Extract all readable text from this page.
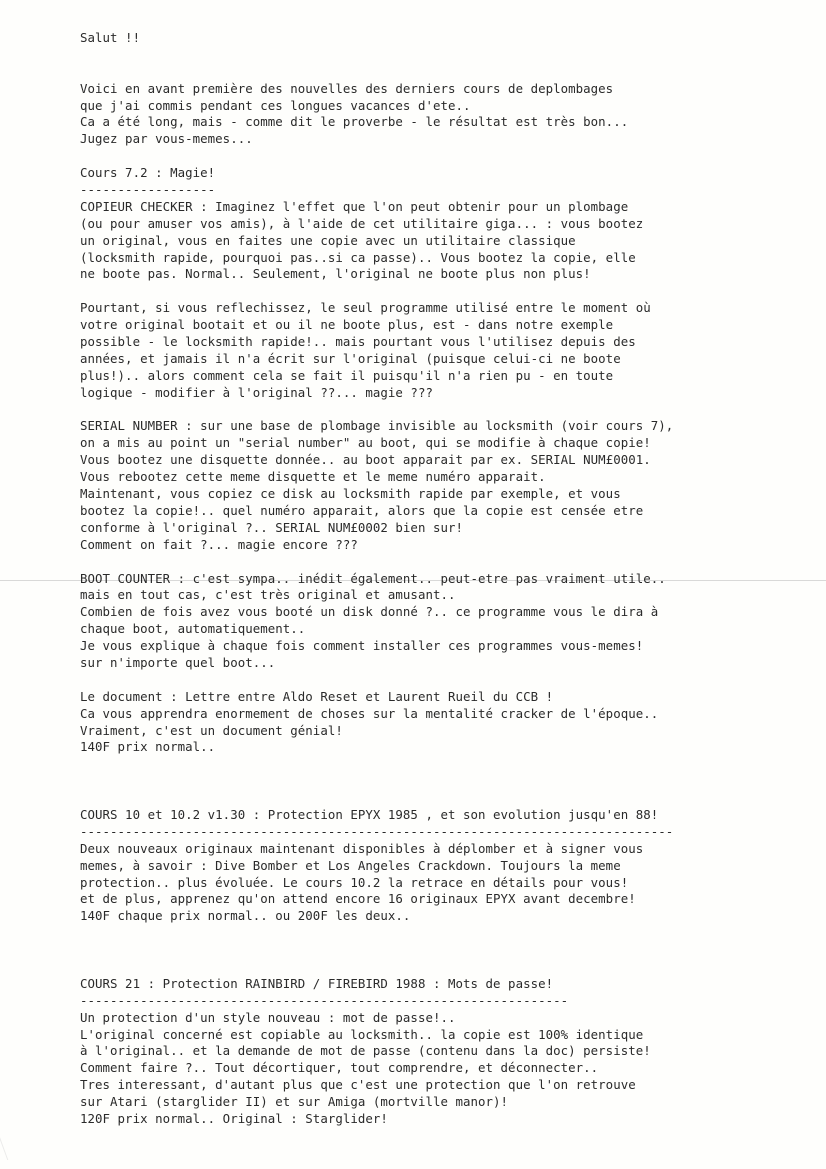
Salut !!
Voici en avant première des nouvelles des derniers cours de deplombages
que j'ai commis pendant ces longues vacances d'ete..
Ca a été long, mais - comme dit le proverbe - le résultat est très bon...
Jugez par vous-memes...
Cours 7.2 : Magie!
------------------
COPIEUR CHECKER : Imaginez l'effet que l'on peut obtenir pour un plombage
(ou pour amuser vos amis), à l'aide de cet utilitaire giga... : vous bootez
un original, vous en faites une copie avec un utilitaire classique
(locksmith rapide, pourquoi pas..si ca passe).. Vous bootez la copie, elle
ne boote pas. Normal.. Seulement, l'original ne boote plus non plus!
Pourtant, si vous reflechissez, le seul programme utilisé entre le moment où
votre original bootait et ou il ne boote plus, est - dans notre exemple
possible - le locksmith rapide!.. mais pourtant vous l'utilisez depuis des
années, et jamais il n'a écrit sur l'original (puisque celui-ci ne boote
plus!).. alors comment cela se fait il puisqu'il n'a rien pu - en toute
logique - modifier à l'original ??... magie ???
SERIAL NUMBER : sur une base de plombage invisible au locksmith (voir cours 7),
on a mis au point un "serial number" au boot, qui se modifie à chaque copie!
Vous bootez une disquette donnée.. au boot apparait par ex. SERIAL NUM£0001.
Vous rebootez cette meme disquette et le meme numéro apparait.
Maintenant, vous copiez ce disk au locksmith rapide par exemple, et vous
bootez la copie!.. quel numéro apparait, alors que la copie est censée etre
conforme à l'original ?.. SERIAL NUM£0002 bien sur!
Comment on fait ?... magie encore ???
BOOT COUNTER : c'est sympa.. inédit également.. peut-etre pas vraiment utile..
mais en tout cas, c'est très original et amusant..
Combien de fois avez vous booté un disk donné ?.. ce programme vous le dira à
chaque boot, automatiquement..
Je vous explique à chaque fois comment installer ces programmes vous-memes!
sur n'importe quel boot...
Le document : Lettre entre Aldo Reset et Laurent Rueil du CCB !
Ca vous apprendra enormement de choses sur la mentalité cracker de l'époque..
Vraiment, c'est un document génial!
140F prix normal..
COURS 10 et 10.2 v1.30 : Protection EPYX 1985 , et son evolution jusqu'en 88!
-------------------------------------------------------------------------------
Deux nouveaux originaux maintenant disponibles à déplomber et à signer vous
memes, à savoir : Dive Bomber et Los Angeles Crackdown. Toujours la meme
protection.. plus évoluée. Le cours 10.2 la retrace en détails pour vous!
et de plus, apprenez qu'on attend encore 16 originaux EPYX avant decembre!
140F chaque prix normal.. ou 200F les deux..
COURS 21 : Protection RAINBIRD / FIREBIRD 1988 : Mots de passe!
-----------------------------------------------------------------
Un protection d'un style nouveau : mot de passe!..
L'original concerné est copiable au locksmith.. la copie est 100% identique
à l'original.. et la demande de mot de passe (contenu dans la doc) persiste!
Comment faire ?.. Tout décortiquer, tout comprendre, et déconnecter..
Tres interessant, d'autant plus que c'est une protection que l'on retrouve
sur Atari (starglider II) et sur Amiga (mortville manor)!
120F prix normal.. Original : Starglider!
